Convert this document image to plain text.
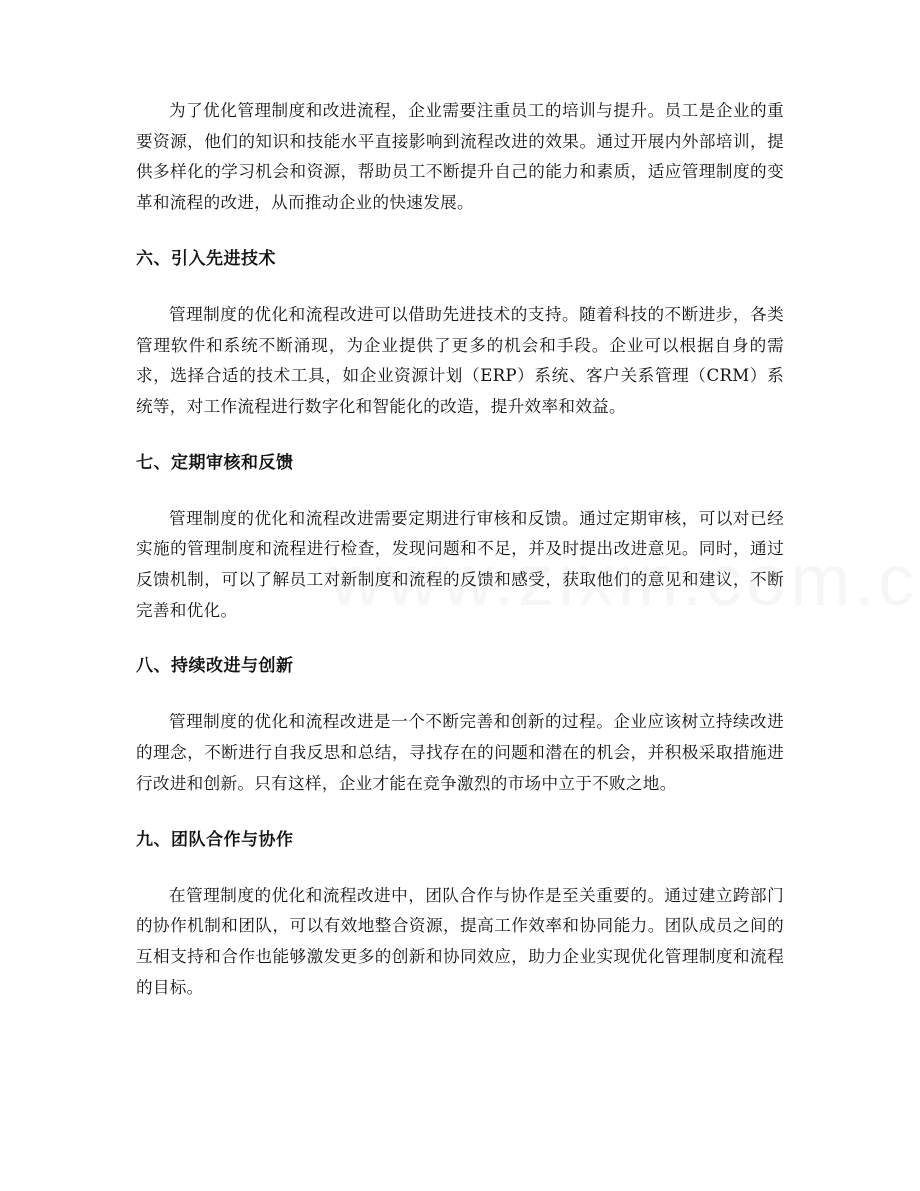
为了优化管理制度和改进流程，企业需要注重员工的培训与提升。员工是企业的重要资源，他们的知识和技能水平直接影响到流程改进的效果。通过开展内外部培训，提供多样化的学习机会和资源，帮助员工不断提升自己的能力和素质，适应管理制度的变革和流程的改进，从而推动企业的快速发展。

六、引入先进技术

管理制度的优化和流程改进可以借助先进技术的支持。随着科技的不断进步，各类管理软件和系统不断涌现，为企业提供了更多的机会和手段。企业可以根据自身的需求，选择合适的技术工具，如企业资源计划（ERP）系统、客户关系管理（CRM）系统等，对工作流程进行数字化和智能化的改造，提升效率和效益。

七、定期审核和反馈

管理制度的优化和流程改进需要定期进行审核和反馈。通过定期审核，可以对已经实施的管理制度和流程进行检查，发现问题和不足，并及时提出改进意见。同时，通过反馈机制，可以了解员工对新制度和流程的反馈和感受，获取他们的意见和建议，不断完善和优化。

八、持续改进与创新

管理制度的优化和流程改进是一个不断完善和创新的过程。企业应该树立持续改进的理念，不断进行自我反思和总结，寻找存在的问题和潜在的机会，并积极采取措施进行改进和创新。只有这样，企业才能在竞争激烈的市场中立于不败之地。

九、团队合作与协作

在管理制度的优化和流程改进中，团队合作与协作是至关重要的。通过建立跨部门的协作机制和团队，可以有效地整合资源，提高工作效率和协同能力。团队成员之间的互相支持和合作也能够激发更多的创新和协同效应，助力企业实现优化管理制度和流程的目标。
